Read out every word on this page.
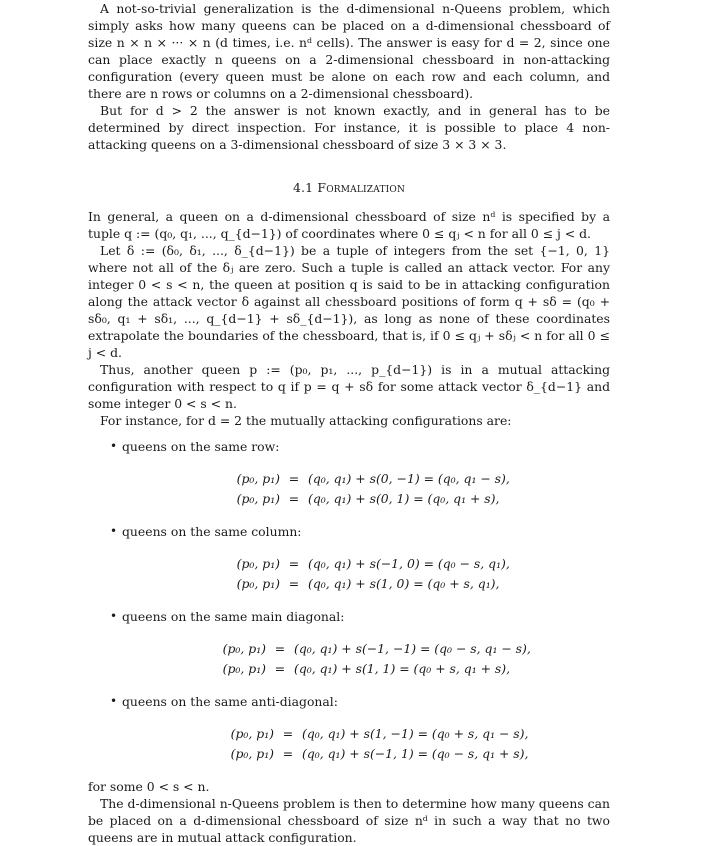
A not-so-trivial generalization is the d-dimensional n-Queens problem, which simply asks how many queens can be placed on a d-dimensional chessboard of size n × n × ··· × n (d times, i.e. nᵈ cells). The answer is easy for d = 2, since one can place exactly n queens on a 2-dimensional chessboard in non-attacking configuration (every queen must be alone on each row and each column, and there are n rows or columns on a 2-dimensional chessboard).

But for d > 2 the answer is not known exactly, and in general has to be determined by direct inspection. For instance, it is possible to place 4 non-attacking queens on a 3-dimensional chessboard of size 3 × 3 × 3.

4.1 Formalization

In general, a queen on a d-dimensional chessboard of size nᵈ is specified by a tuple q := (q₀, q₁, ..., q_{d−1}) of coordinates where 0 ≤ qⱼ < n for all 0 ≤ j < d.

Let δ := (δ₀, δ₁, ..., δ_{d−1}) be a tuple of integers from the set {−1, 0, 1} where not all of the δⱼ are zero. Such a tuple is called an attack vector. For any integer 0 < s < n, the queen at position q is said to be in attacking configuration along the attack vector δ against all chessboard positions of form q + sδ = (q₀ + sδ₀, q₁ + sδ₁, ..., q_{d−1} + sδ_{d−1}), as long as none of these coordinates extrapolate the boundaries of the chessboard, that is, if 0 ≤ qⱼ + sδⱼ < n for all 0 ≤ j < d.

Thus, another queen p := (p₀, p₁, ..., p_{d−1}) is in a mutual attacking configuration with respect to q if p = q + sδ for some attack vector δ_{d−1} and some integer 0 < s < n.

For instance, for d = 2 the mutually attacking configurations are:

• queens on the same row:
(p₀, p₁) = (q₀, q₁) + s(0, −1) = (q₀, q₁ − s),
(p₀, p₁) = (q₀, q₁) + s(0, 1) = (q₀, q₁ + s),
• queens on the same column:
(p₀, p₁) = (q₀, q₁) + s(−1, 0) = (q₀ − s, q₁),
(p₀, p₁) = (q₀, q₁) + s(1, 0) = (q₀ + s, q₁),
• queens on the same main diagonal:
(p₀, p₁) = (q₀, q₁) + s(−1, −1) = (q₀ − s, q₁ − s),
(p₀, p₁) = (q₀, q₁) + s(1, 1) = (q₀ + s, q₁ + s),
• queens on the same anti-diagonal:
(p₀, p₁) = (q₀, q₁) + s(1, −1) = (q₀ + s, q₁ − s),
(p₀, p₁) = (q₀, q₁) + s(−1, 1) = (q₀ − s, q₁ + s),

for some 0 < s < n.

The d-dimensional n-Queens problem is then to determine how many queens can be placed on a d-dimensional chessboard of size nᵈ in such a way that no two queens are in mutual attack configuration.
